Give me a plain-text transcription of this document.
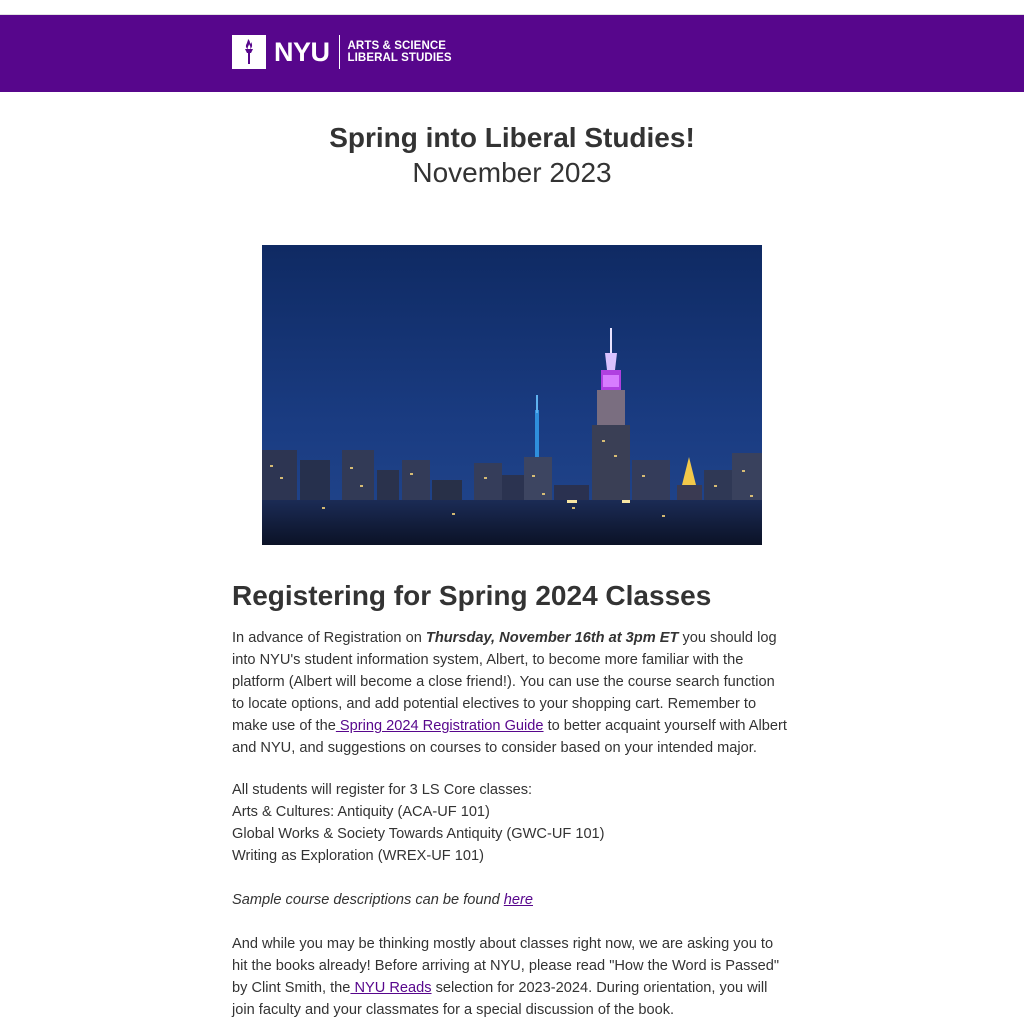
NYU ARTS & SCIENCE
LIBERAL STUDIES
Spring into Liberal Studies!
November 2023
Registering for Spring 2024 Classes

In advance of Registration on Thursday, November 16th at 3pm ET you should log into NYU's student information system, Albert, to become more familiar with the platform (Albert will become a close friend!). You can use the course search function to locate options, and add potential electives to your shopping cart. Remember to make use of the Spring 2024 Registration Guide to better acquaint yourself with Albert and NYU, and suggestions on courses to consider based on your intended major.

All students will register for 3 LS Core classes:
Arts & Cultures: Antiquity (ACA-UF 101)
Global Works & Society Towards Antiquity (GWC-UF 101)
Writing as Exploration (WREX-UF 101)

Sample course descriptions can be found here

And while you may be thinking mostly about classes right now, we are asking you to hit the books already! Before arriving at NYU, please read "How the Word is Passed" by Clint Smith, the NYU Reads selection for 2023-2024. During orientation, you will join faculty and your classmates for a special discussion of the book.
